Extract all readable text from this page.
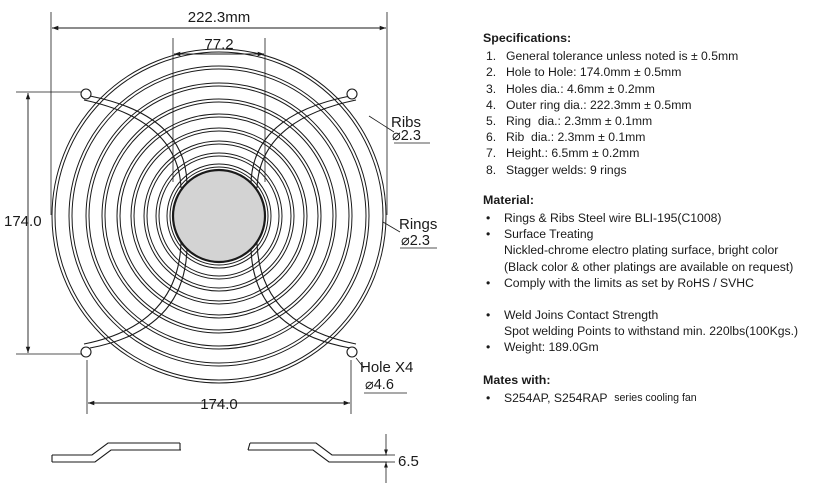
222.3mm
77.2
174.0
174.0
Ribs
⌀2.3
Rings
⌀2.3
Hole X4
⌀4.6
6.5
Specifications:
1. General tolerance unless noted is ± 0.5mm
2. Hole to Hole: 174.0mm ± 0.5mm
3. Holes dia.: 4.6mm ± 0.2mm
4. Outer ring dia.: 222.3mm ± 0.5mm
5. Ring  dia.: 2.3mm ± 0.1mm
6. Rib  dia.: 2.3mm ± 0.1mm
7. Height.: 6.5mm ± 0.2mm
8. Stagger welds: 9 rings
Material:
•	Rings & Ribs Steel wire BLI-195(C1008)
•	Surface Treating
Nickled-chrome electro plating surface, bright color
(Black color & other platings are available on request)
•	Comply with the limits as set by RoHS / SVHC
•	Weld Joins Contact Strength
Spot welding Points to withstand min. 220lbs(100Kgs.)
•	Weight: 189.0Gm
Mates with:
•	S254AP, S254RAP
series cooling fan
